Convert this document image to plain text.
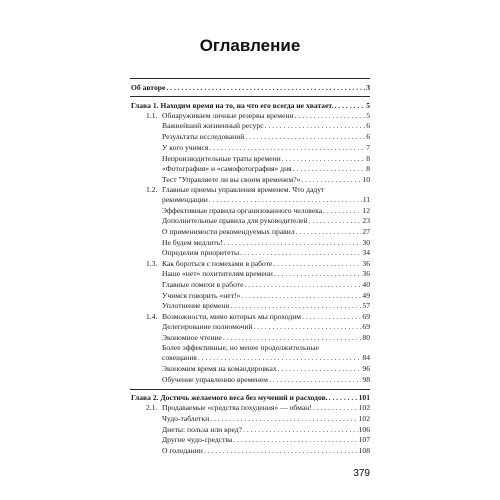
Оглавление
Об авторе . . .	3
Глава 1. Находим время на то, на что его всегда не хватает. . . .	5
1.1. Обнаруживаем личные резервы времени . . .	5
Важнейший жизненный ресурс . . .	6
Результаты исследований . . .	6
У кого учимся . . .	7
Непроизводительные траты времени . . .	8
«Фотография» и «самофотография» дня . . .	8
Тест "Управляете ли вы своим временем?» . . .	10
1.2. Главные приемы управления временем. Что дадут
рекомендации . . .	11
Эффективные правила организованного человека . . .	12
Дополнительные правила для руководителей . . .	23
О применимости рекомендуемых правил . . .	27
Не будем медлить! . . .	30
Определим приоритеты . . .	34
1.3. Как бороться с помехами в работе . . .	36
Наше «нет» похитителям времени . . .	36
Главные помехи в работе . . .	40
Учимся говорить «нет!» . . .	49
Уплотнение времени . . .	57
1.4. Возможности, мимо которых мы проходим . . .	69
Делегирование полномочий . . .	69
Экономное чтение . . .	80
Более эффективные, но менее продолжительные
совещания . . .	84
Экономим время на командировках . . .	96
Обучение управлению временем . . .	98
Глава 2. Достичь желаемого веса без мучений и расходов. . . .	101
2.1. Продаваемые «средства похудения» — обман! . . .	102
Чудо-таблетки . . .	102
Диеты: польза или вред? . . .	106
Другие чудо-средства . . .	107
О голодании . . .	108
379
